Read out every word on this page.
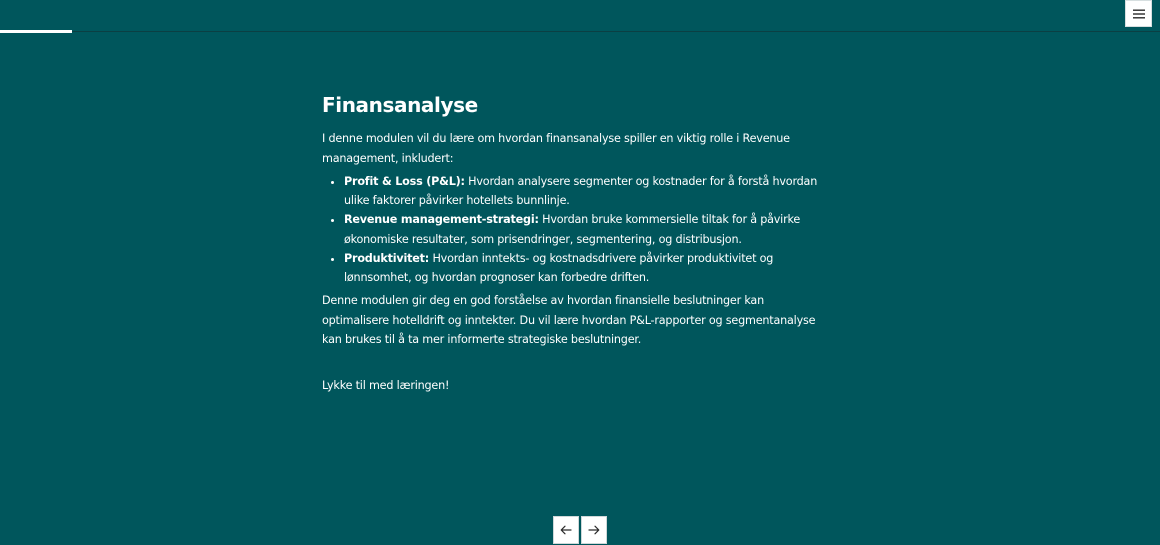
Finansanalyse

I denne modulen vil du lære om hvordan finansanalyse spiller en viktig rolle i Revenue management, inkludert:

• Profit & Loss (P&L): Hvordan analysere segmenter og kostnader for å forstå hvordan ulike faktorer påvirker hotellets bunnlinje.
• Revenue management-strategi: Hvordan bruke kommersielle tiltak for å påvirke økonomiske resultater, som prisendringer, segmentering, og distribusjon.
• Produktivitet: Hvordan inntekts- og kostnadsdrivere påvirker produktivitet og lønnsomhet, og hvordan prognoser kan forbedre driften.

Denne modulen gir deg en god forståelse av hvordan finansielle beslutninger kan optimalisere hotelldrift og inntekter. Du vil lære hvordan P&L-rapporter og segmentanalyse kan brukes til å ta mer informerte strategiske beslutninger.

Lykke til med læringen!
